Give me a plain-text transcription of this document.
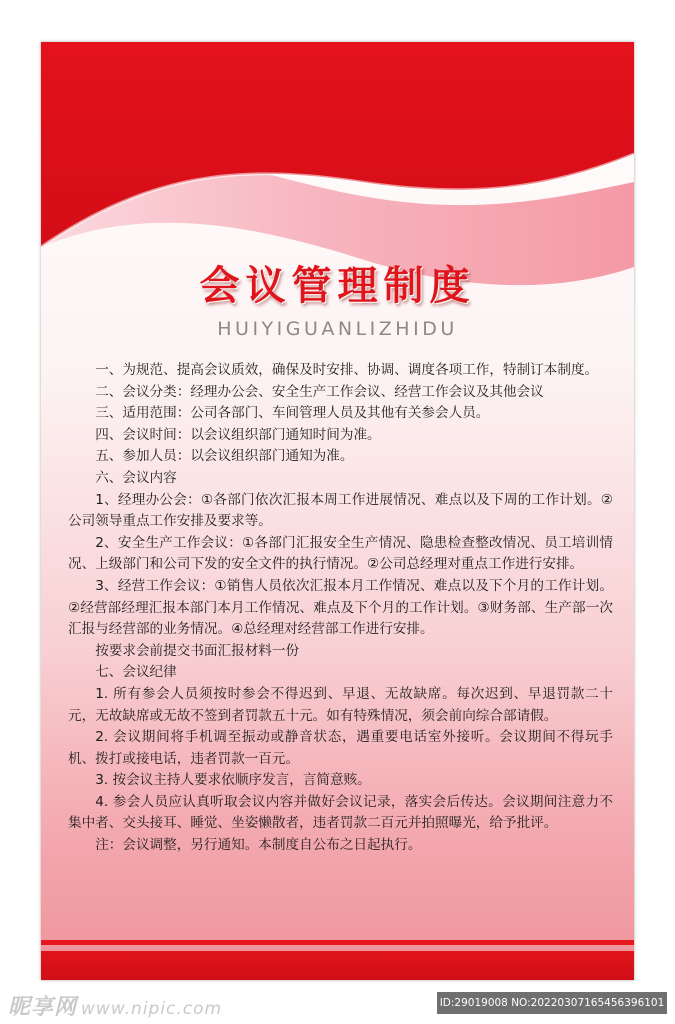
会议管理制度
HUIYIGUANLIZHIDU

一、为规范、提高会议质效，确保及时安排、协调、调度各项工作，特制订本制度。

二、会议分类：经理办公会、安全生产工作会议、经营工作会议及其他会议

三、适用范围：公司各部门、车间管理人员及其他有关参会人员。

四、会议时间：以会议组织部门通知时间为准。

五、参加人员：以会议组织部门通知为准。

六、会议内容

1、经理办公会：①各部门依次汇报本周工作进展情况、难点以及下周的工作计划。②公司领导重点工作安排及要求等。

2、安全生产工作会议：①各部门汇报安全生产情况、隐患检查整改情况、员工培训情况、上级部门和公司下发的安全文件的执行情况。②公司总经理对重点工作进行安排。

3、经营工作会议：①销售人员依次汇报本月工作情况、难点以及下个月的工作计划。②经营部经理汇报本部门本月工作情况、难点及下个月的工作计划。③财务部、生产部一次汇报与经营部的业务情况。④总经理对经营部工作进行安排。

按要求会前提交书面汇报材料一份

七、会议纪律

1. 所有参会人员须按时参会不得迟到、早退、无故缺席。每次迟到、早退罚款二十元，无故缺席或无故不签到者罚款五十元。如有特殊情况，须会前向综合部请假。

2. 会议期间将手机调至振动或静音状态，遇重要电话室外接听。会议期间不得玩手机、拨打或接电话，违者罚款一百元。

3. 按会议主持人要求依顺序发言，言简意赅。

4. 参会人员应认真听取会议内容并做好会议记录，落实会后传达。会议期间注意力不集中者、交头接耳、睡觉、坐姿懒散者，违者罚款二百元并拍照曝光，给予批评。

注：会议调整，另行通知。本制度自公布之日起执行。

昵享网 www.nipic.com	ID:29019008 NO:20220307165456396101
